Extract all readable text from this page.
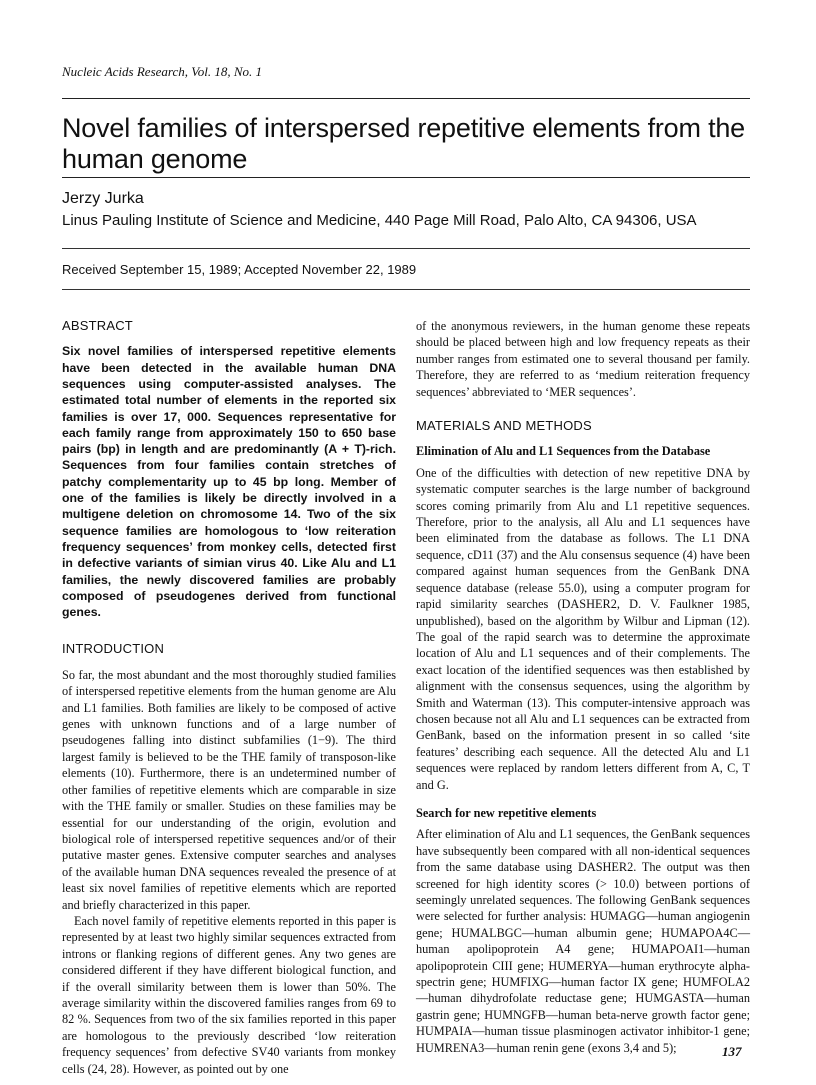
Nucleic Acids Research, Vol. 18, No. 1
Novel families of interspersed repetitive elements from the human genome
Jerzy Jurka
Linus Pauling Institute of Science and Medicine, 440 Page Mill Road, Palo Alto, CA 94306, USA
Received September 15, 1989; Accepted November 22, 1989
ABSTRACT

Six novel families of interspersed repetitive elements have been detected in the available human DNA sequences using computer-assisted analyses. The estimated total number of elements in the reported six families is over 17, 000. Sequences representative for each family range from approximately 150 to 650 base pairs (bp) in length and are predominantly (A + T)-rich. Sequences from four families contain stretches of patchy complementarity up to 45 bp long. Member of one of the families is likely be directly involved in a multigene deletion on chromosome 14. Two of the six sequence families are homologous to ‘low reiteration frequency sequences’ from monkey cells, detected first in defective variants of simian virus 40. Like Alu and L1 families, the newly discovered families are probably composed of pseudogenes derived from functional genes.

INTRODUCTION

So far, the most abundant and the most thoroughly studied families of interspersed repetitive elements from the human genome are Alu and L1 families. Both families are likely to be composed of active genes with unknown functions and of a large number of pseudogenes falling into distinct subfamilies (1−9). The third largest family is believed to be the THE family of transposon-like elements (10). Furthermore, there is an undetermined number of other families of repetitive elements which are comparable in size with the THE family or smaller. Studies on these families may be essential for our understanding of the origin, evolution and biological role of interspersed repetitive sequences and/or of their putative master genes. Extensive computer searches and analyses of the available human DNA sequences revealed the presence of at least six novel families of repetitive elements which are reported and briefly characterized in this paper.

Each novel family of repetitive elements reported in this paper is represented by at least two highly similar sequences extracted from introns or flanking regions of different genes. Any two genes are considered different if they have different biological function, and if the overall similarity between them is lower than 50%. The average similarity within the discovered families ranges from 69 to 82 %. Sequences from two of the six families reported in this paper are homologous to the previously described ‘low reiteration frequency sequences’ from defective SV40 variants from monkey cells (24, 28). However, as pointed out by one

of the anonymous reviewers, in the human genome these repeats should be placed between high and low frequency repeats as their number ranges from estimated one to several thousand per family. Therefore, they are referred to as ‘medium reiteration frequency sequences’ abbreviated to ‘MER sequences’.

MATERIALS AND METHODS
Elimination of Alu and L1 Sequences from the Database

One of the difficulties with detection of new repetitive DNA by systematic computer searches is the large number of background scores coming primarily from Alu and L1 repetitive sequences. Therefore, prior to the analysis, all Alu and L1 sequences have been eliminated from the database as follows. The L1 DNA sequence, cD11 (37) and the Alu consensus sequence (4) have been compared against human sequences from the GenBank DNA sequence database (release 55.0), using a computer program for rapid similarity searches (DASHER2, D. V. Faulkner 1985, unpublished), based on the algorithm by Wilbur and Lipman (12). The goal of the rapid search was to determine the approximate location of Alu and L1 sequences and of their complements. The exact location of the identified sequences was then established by alignment with the consensus sequences, using the algorithm by Smith and Waterman (13). This computer-intensive approach was chosen because not all Alu and L1 sequences can be extracted from GenBank, based on the information present in so called ‘site features’ describing each sequence. All the detected Alu and L1 sequences were replaced by random letters different from A, C, T and G.

Search for new repetitive elements

After elimination of Alu and L1 sequences, the GenBank sequences have subsequently been compared with all non-identical sequences from the same database using DASHER2. The output was then screened for high identity scores (> 10.0) between portions of seemingly unrelated sequences. The following GenBank sequences were selected for further analysis: HUMAGG—human angiogenin gene; HUMALBGC—human albumin gene; HUMAPOA4C—human apolipoprotein A4 gene; HUMAPOAI1—human apolipoprotein CIII gene; HUMERYA—human erythrocyte alpha-spectrin gene; HUMFIXG—human factor IX gene; HUMFOLA2—human dihydrofolate reductase gene; HUMGASTA—human gastrin gene; HUMNGFB—human beta-nerve growth factor gene; HUMPAIA—human tissue plasminogen activator inhibitor-1 gene; HUMRENA3—human renin gene (exons 3,4 and 5);	137
